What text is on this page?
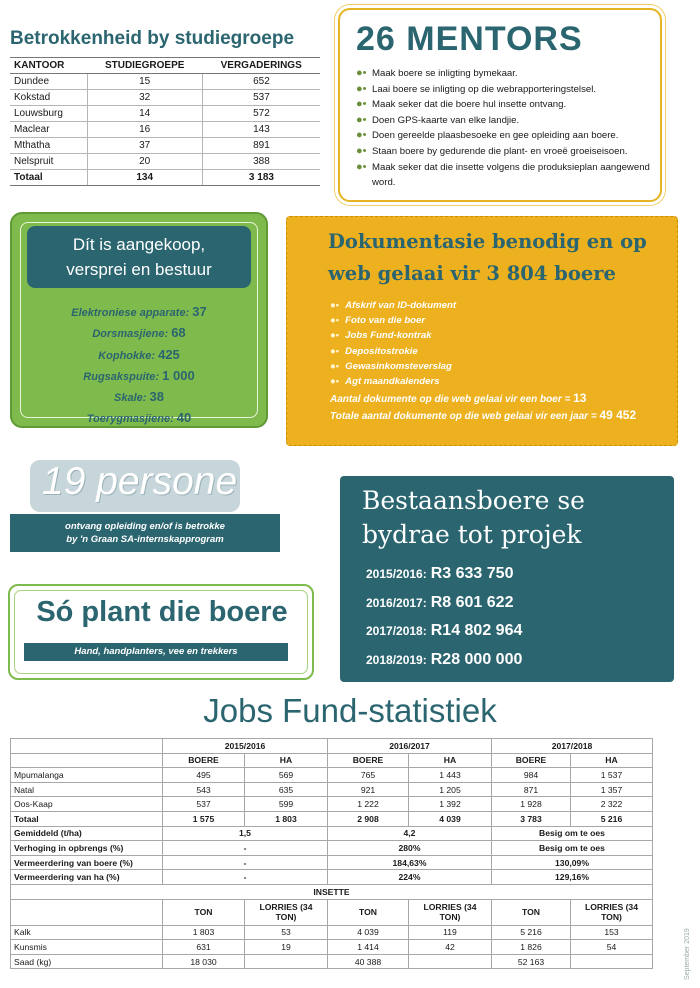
Betrokkenheid by studiegroepe
KANTOOR	STUDIEGROEPE	VERGADERINGS
Dundee	15	652
Kokstad	32	537
Louwsburg	14	572
Maclear	16	143
Mthatha	37	891
Nelspruit	20	388
Totaal	134	3 183
26 MENTORS
●• Maak boere se inligting bymekaar.
●• Laai boere se inligting op die webrapporteringstelsel.
●• Maak seker dat die boere hul insette ontvang.
●• Doen GPS-kaarte van elke landjie.
●• Doen gereelde plaasbesoeke en gee opleiding aan boere.
●• Staan boere by gedurende die plant- en vroeë groeiseisoen.
●• Maak seker dat die insette volgens die produksieplan aangewend word.
Dít is aangekoop,
versprei en bestuur
Elektroniese apparate: 37
Dorsmasjiene: 68
Kophokke: 425
Rugsakspuite: 1 000
Skale: 38
Toerygmasjiene: 40
Dokumentasie benodig en op
web gelaai vir 3 804 boere
●• Afskrif van ID-dokument
●• Foto van die boer
●• Jobs Fund-kontrak
●• Depositostrokie
●• Gewasinkomsteverslag
●• Agt maandkalenders
Aantal dokumente op die web gelaai vir een boer = 13
Totale aantal dokumente op die web gelaai vir een jaar = 49 452
19 persone
ontvang opleiding en/of is betrokke
by 'n Graan SA-internskapprogram
Só plant die boere
Hand, handplanters, vee en trekkers
Bestaansboere se
bydrae tot projek
2015/2016: R3 633 750
2016/2017: R8 601 622
2017/2018: R14 802 964
2018/2019: R28 000 000
Jobs Fund-statistiek
	2015/2016		2016/2017		2017/2018	
	BOERE	HA	BOERE	HA	BOERE	HA
Mpumalanga	495	569	765	1 443	984	1 537
Natal	543	635	921	1 205	871	1 357
Oos-Kaap	537	599	1 222	1 392	1 928	2 322
Totaal	1 575	1 803	2 908	4 039	3 783	5 216
Gemiddeld (t/ha)	1,5		4,2		Besig om te oes	
Verhoging in opbrengs (%)	-		280%		Besig om te oes	
Vermeerdering van boere (%)	-		184,63%		130,09%	
Vermeerdering van ha (%)	-		224%		129,16%	
INSETTE						
	TON	LORRIES (34 TON)	TON	LORRIES (34 TON)	TON	LORRIES (34 TON)
Kalk	1 803	53	4 039	119	5 216	153
Kunsmis	631	19	1 414	42	1 826	54
Saad (kg)	18 030		40 388		52 163		September 2019
